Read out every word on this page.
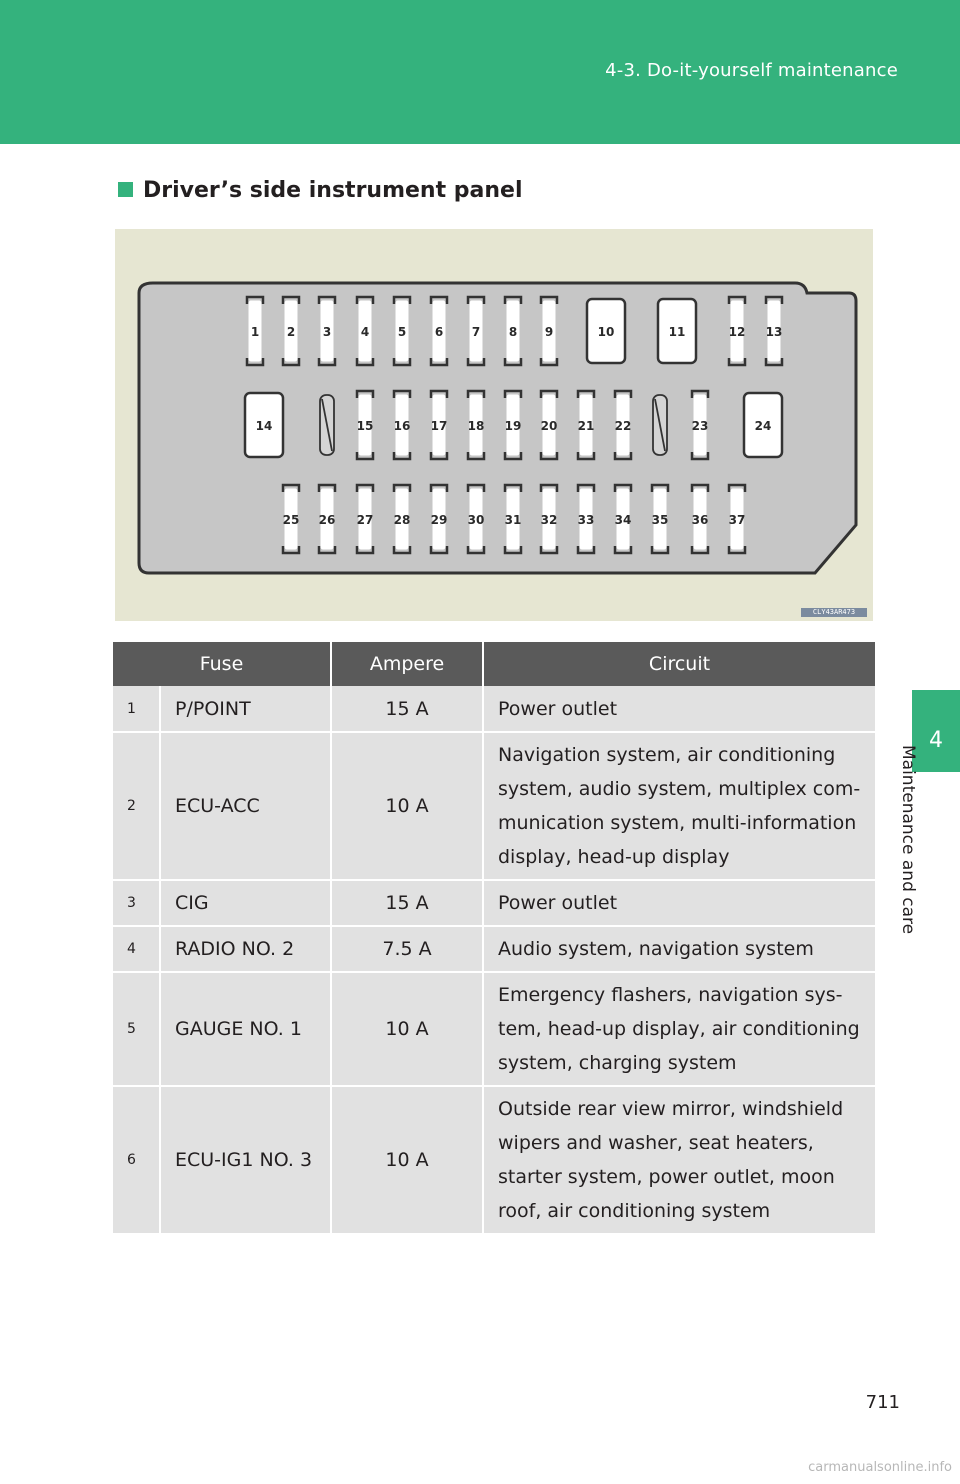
4-3. Do-it-yourself maintenance
4
Maintenance and care
Driver’s side instrument panel
1 2 3 4 5 6 7 8 9	10	11	12 13
14	15 16 17 18 19 20 21 22	23	24
25 26 27 28 29 30 31 32 33 34 35 36 37
CLY43AR473
Fuse		Ampere	Circuit
1	P/POINT	15 A	Power outlet
2	ECU-ACC	10 A	Navigation system, air conditioning system, audio system, multiplex com-munication system, multi-information display, head-up display
3	CIG	15 A	Power outlet
4	RADIO NO. 2	7.5 A	Audio system, navigation system
5	GAUGE NO. 1	10 A	Emergency flashers, navigation sys-tem, head-up display, air conditioning system, charging system
6	ECU-IG1 NO. 3	10 A	Outside rear view mirror, windshield wipers and washer, seat heaters, starter system, power outlet, moon roof, air conditioning system
711
carmanualsonline.info
